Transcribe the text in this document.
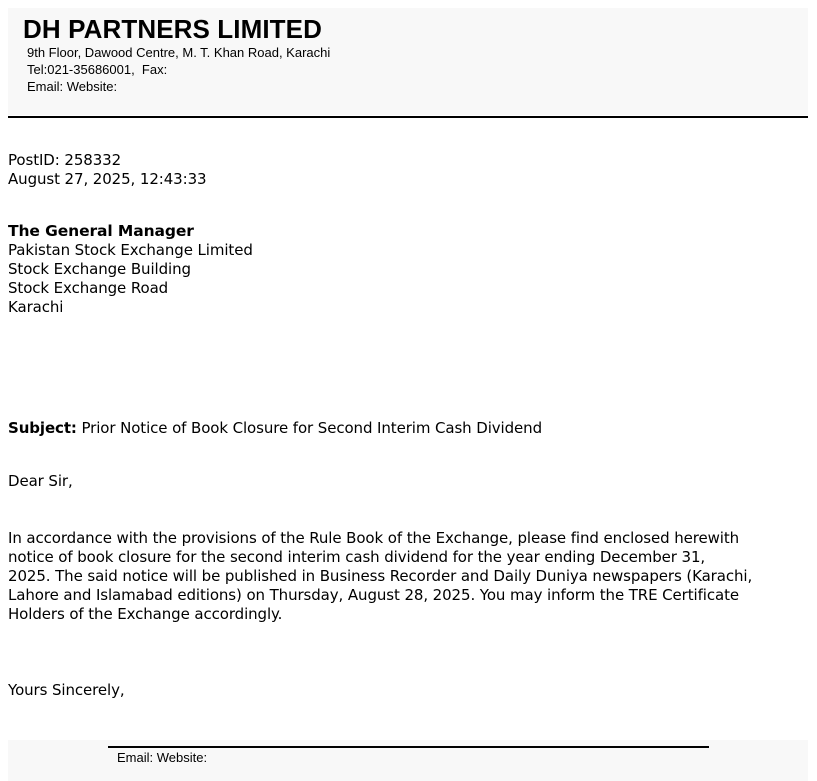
DH PARTNERS LIMITED
9th Floor, Dawood Centre, M. T. Khan Road, Karachi
Tel:021-35686001,  Fax:
Email: Website:
PostID: 258332
August 27, 2025, 12:43:33
The General Manager
Pakistan Stock Exchange Limited
Stock Exchange Building
Stock Exchange Road
Karachi
Subject: Prior Notice of Book Closure for Second Interim Cash Dividend
Dear Sir,
In accordance with the provisions of the Rule Book of the Exchange, please find enclosed herewith
notice of book closure for the second interim cash dividend for the year ending December 31,
2025. The said notice will be published in Business Recorder and Daily Duniya newspapers (Karachi,
Lahore and Islamabad editions) on Thursday, August 28, 2025. You may inform the TRE Certificate
Holders of the Exchange accordingly.
Yours Sincerely,
Email: Website:
